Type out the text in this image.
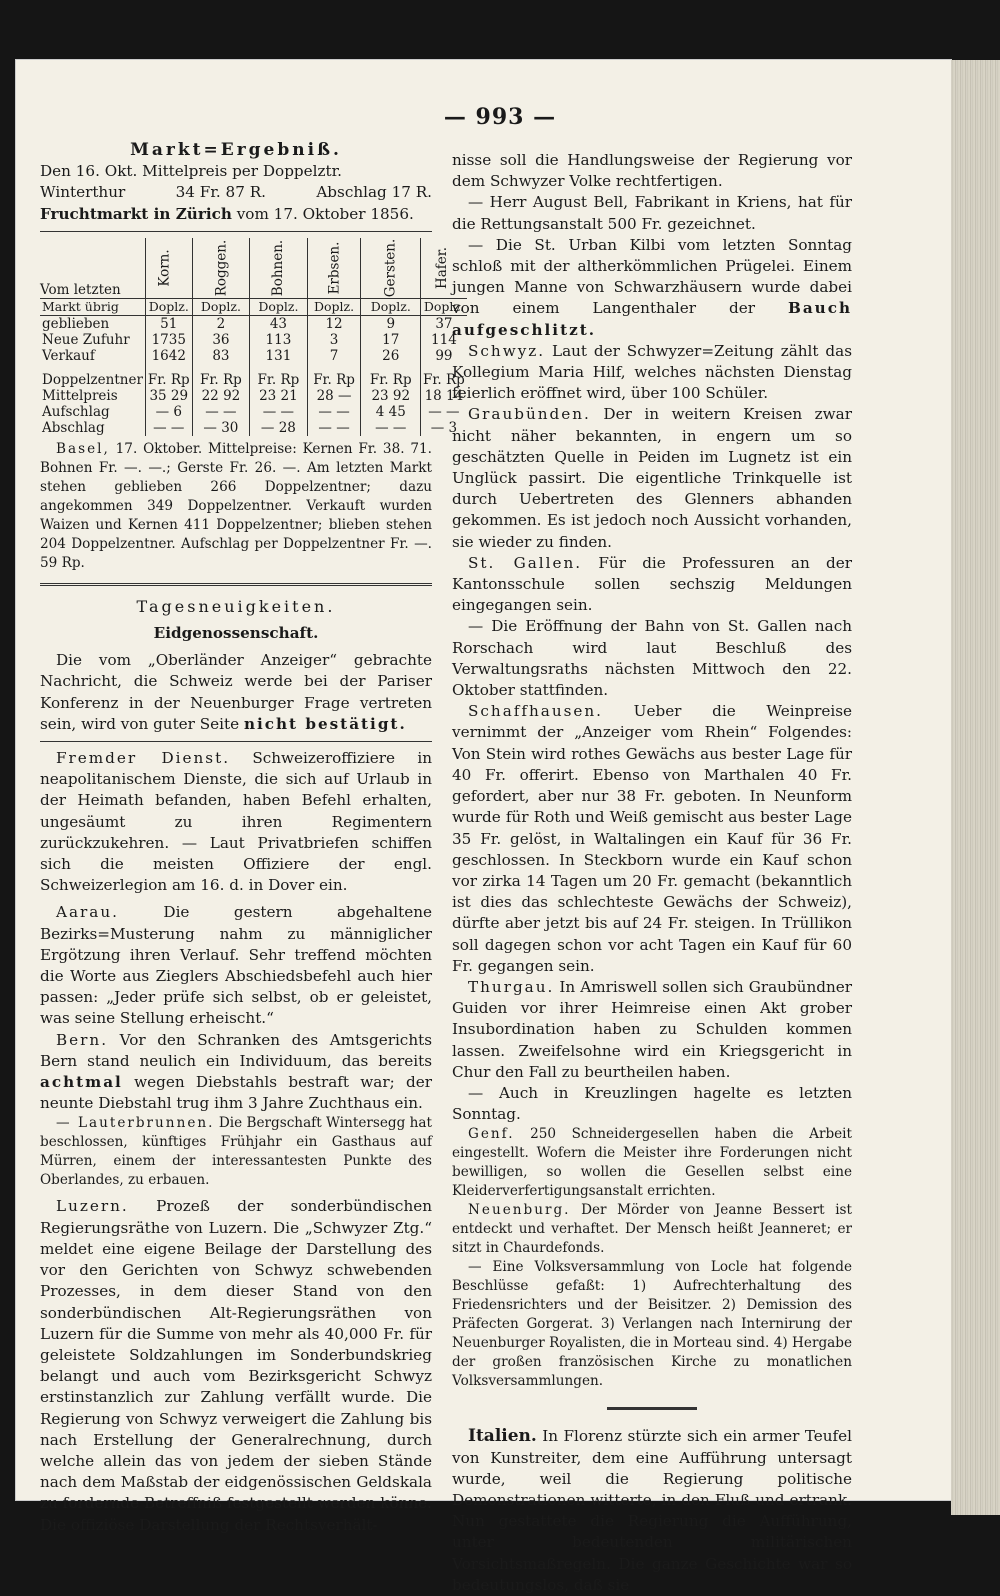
— 993 —

Markt=Ergebniß.

Den 16. Okt. Mittelpreis per Doppelztr.

Winterthur	34 Fr. 87 R.	Abschlag 17 R.

Fruchtmarkt in Zürich vom 17. Oktober 1856.

Vom letzten	Korn.	Roggen.	Bohnen.	Erbsen.	Gersten.	Hafer.
Markt übrig	Doplz.	Doplz.	Doplz.	Doplz.	Doplz.	Doplz.
geblieben	51	2	43	12	9	37
Neue Zufuhr	1735	36	113	3	17	114
Verkauf	1642	83	131	7	26	99

Doppelzentner	Fr. Rp	Fr. Rp	Fr. Rp	Fr. Rp	Fr. Rp	Fr. Rp
Mittelpreis	35 29	22 92	23 21	28 —	23 92	18 14
Aufschlag	— 6	— —	— —	— —	4 45	— —
Abschlag	— —	— 30	— 28	— —	— —	— 3

Basel, 17. Oktober. Mittelpreise: Kernen Fr. 38. 71. Bohnen Fr. —. —.; Gerste Fr. 26. —. Am letzten Markt stehen geblieben 266 Doppelzentner; dazu angekommen 349 Doppelzentner. Verkauft wurden Waizen und Kernen 411 Doppelzentner; blieben stehen 204 Doppelzentner. Aufschlag per Doppelzentner Fr. —. 59 Rp.

Tagesneuigkeiten.

Eidgenossenschaft.

Die vom „Oberländer Anzeiger“ gebrachte Nachricht, die Schweiz werde bei der Pariser Konferenz in der Neuenburger Frage vertreten sein, wird von guter Seite nicht bestätigt.

Fremder Dienst. Schweizeroffiziere in neapolitanischem Dienste, die sich auf Urlaub in der Heimath befanden, haben Befehl erhalten, ungesäumt zu ihren Regimentern zurückzukehren. — Laut Privatbriefen schiffen sich die meisten Offiziere der engl. Schweizerlegion am 16. d. in Dover ein.

Aarau. Die gestern abgehaltene Bezirks=Musterung nahm zu männiglicher Ergötzung ihren Verlauf. Sehr treffend möchten die Worte aus Zieglers Abschiedsbefehl auch hier passen: „Jeder prüfe sich selbst, ob er geleistet, was seine Stellung erheischt.“

Bern. Vor den Schranken des Amtsgerichts Bern stand neulich ein Individuum, das bereits achtmal wegen Diebstahls bestraft war; der neunte Diebstahl trug ihm 3 Jahre Zuchthaus ein.

— Lauterbrunnen. Die Bergschaft Wintersegg hat beschlossen, künftiges Frühjahr ein Gasthaus auf Mürren, einem der interessantesten Punkte des Oberlandes, zu erbauen.

Luzern. Prozeß der sonderbündischen Regierungsräthe von Luzern. Die „Schwyzer Ztg.“ meldet eine eigene Beilage der Darstellung des vor den Gerichten von Schwyz schwebenden Prozesses, in dem dieser Stand von den sonderbündischen Alt-Regierungsräthen von Luzern für die Summe von mehr als 40,000 Fr. für geleistete Soldzahlungen im Sonderbundskrieg belangt und auch vom Bezirksgericht Schwyz erstinstanzlich zur Zahlung verfällt wurde. Die Regierung von Schwyz verweigert die Zahlung bis nach Erstellung der Generalrechnung, durch welche allein das von jedem der sieben Stände nach dem Maßstab der eidgenössischen Geldskala zu fordernde Betreffniß festgestellt werden könne. Die offiziöse Darstellung der Rechtsverhält-

nisse soll die Handlungsweise der Regierung vor dem Schwyzer Volke rechtfertigen.

— Herr August Bell, Fabrikant in Kriens, hat für die Rettungsanstalt 500 Fr. gezeichnet.

— Die St. Urban Kilbi vom letzten Sonntag schloß mit der altherkömmlichen Prügelei. Einem jungen Manne von Schwarzhäusern wurde dabei von einem Langenthaler der Bauch aufgeschlitzt.

Schwyz. Laut der Schwyzer=Zeitung zählt das Kollegium Maria Hilf, welches nächsten Dienstag feierlich eröffnet wird, über 100 Schüler.

Graubünden. Der in weitern Kreisen zwar nicht näher bekannten, in engern um so geschätzten Quelle in Peiden im Lugnetz ist ein Unglück passirt. Die eigentliche Trinkquelle ist durch Uebertreten des Glenners abhanden gekommen. Es ist jedoch noch Aussicht vorhanden, sie wieder zu finden.

St. Gallen. Für die Professuren an der Kantonsschule sollen sechszig Meldungen eingegangen sein.

— Die Eröffnung der Bahn von St. Gallen nach Rorschach wird laut Beschluß des Verwaltungsraths nächsten Mittwoch den 22. Oktober stattfinden.

Schaffhausen. Ueber die Weinpreise vernimmt der „Anzeiger vom Rhein“ Folgendes: Von Stein wird rothes Gewächs aus bester Lage für 40 Fr. offerirt. Ebenso von Marthalen 40 Fr. gefordert, aber nur 38 Fr. geboten. In Neunform wurde für Roth und Weiß gemischt aus bester Lage 35 Fr. gelöst, in Waltalingen ein Kauf für 36 Fr. geschlossen. In Steckborn wurde ein Kauf schon vor zirka 14 Tagen um 20 Fr. gemacht (bekanntlich ist dies das schlechteste Gewächs der Schweiz), dürfte aber jetzt bis auf 24 Fr. steigen. In Trüllikon soll dagegen schon vor acht Tagen ein Kauf für 60 Fr. gegangen sein.

Thurgau. In Amriswell sollen sich Graubündner Guiden vor ihrer Heimreise einen Akt grober Insubordination haben zu Schulden kommen lassen. Zweifelsohne wird ein Kriegsgericht in Chur den Fall zu beurtheilen haben.

— Auch in Kreuzlingen hagelte es letzten Sonntag.

Genf. 250 Schneidergesellen haben die Arbeit eingestellt. Wofern die Meister ihre Forderungen nicht bewilligen, so wollen die Gesellen selbst eine Kleiderverfertigungsanstalt errichten.

Neuenburg. Der Mörder von Jeanne Bessert ist entdeckt und verhaftet. Der Mensch heißt Jeanneret; er sitzt in Chaurdefonds.

— Eine Volksversammlung von Locle hat folgende Beschlüsse gefaßt: 1) Aufrechterhaltung des Friedensrichters und der Beisitzer. 2) Demission des Präfecten Gorgerat. 3) Verlangen nach Internirung der Neuenburger Royalisten, die in Morteau sind. 4) Hergabe der großen französischen Kirche zu monatlichen Volksversammlungen.

Italien. In Florenz stürzte sich ein armer Teufel von Kunstreiter, dem eine Aufführung untersagt wurde, weil die Regierung politische Demonstrationen witterte, in den Fluß und ertrank. Nun gestattete die Regierung die Aufführung, unter bedeutenden militärischen Vorsichtsmaßregeln. Die ganze Geschichte war so bedeutungslos, daß sie
